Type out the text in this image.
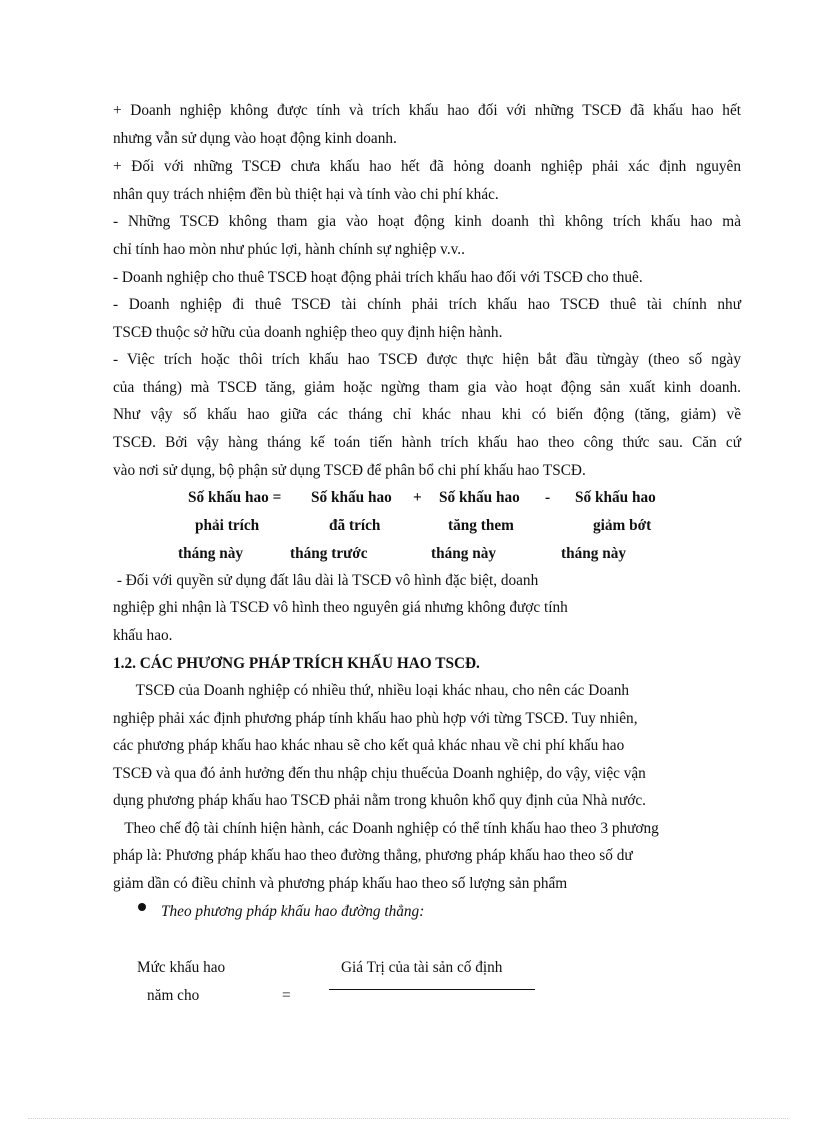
+ Doanh nghiệp không được tính và trích khấu hao đối với những TSCĐ đã khấu hao hết
nhưng vẫn sử dụng vào hoạt động kinh doanh.
+ Đối với những TSCĐ chưa khấu hao hết đã hỏng doanh nghiệp phải xác định nguyên
nhân quy trách nhiệm đền bù thiệt hại và tính vào chi phí khác.
- Những TSCĐ không tham gia vào hoạt động kinh doanh thì không trích khấu hao mà
chỉ tính hao mòn như phúc lợi, hành chính sự nghiệp v.v..
- Doanh nghiệp cho thuê TSCĐ hoạt động phải trích khấu hao đối với TSCĐ cho thuê.
- Doanh nghiệp đi thuê TSCĐ tài chính phải trích khấu hao TSCĐ thuê tài chính như
TSCĐ thuộc sở hữu của doanh nghiệp theo quy định hiện hành.
- Việc trích hoặc thôi trích khấu hao TSCĐ được thực hiện bắt đầu từngày (theo số ngày
của tháng) mà TSCĐ tăng, giảm hoặc ngừng tham gia vào hoạt động sản xuất kinh doanh.
Như vậy số khấu hao giữa các tháng chỉ khác nhau khi có biến động (tăng, giảm) về
TSCĐ. Bởi vậy hàng tháng kế toán tiến hành trích khấu hao theo công thức sau. Căn cứ
vào nơi sử dụng, bộ phận sử dụng TSCĐ để phân bổ chi phí khấu hao TSCĐ.
Số khấu hao = Số khấu hao + Số khấu hao - Số khấu hao
phải trích	đã trích	tăng them	giảm bớt
tháng này	tháng trước	tháng này	tháng này
- Đối với quyền sử dụng đất lâu dài là TSCĐ vô hình đặc biệt, doanh
nghiệp ghi nhận là TSCĐ vô hình theo nguyên giá nhưng không được tính
khấu hao.
1.2. CÁC PHƯƠNG PHÁP TRÍCH KHẤU HAO TSCĐ.
TSCĐ của Doanh nghiệp có nhiều thứ, nhiều loại khác nhau, cho nên các Doanh
nghiệp phải xác định phương pháp tính khấu hao phù hợp với từng TSCĐ. Tuy nhiên,
các phương pháp khấu hao khác nhau sẽ cho kết quả khác nhau về chi phí khấu hao
TSCĐ và qua đó ảnh hưởng đến thu nhập chịu thuếcủa Doanh nghiệp, do vậy, việc vận
dụng phương pháp khấu hao TSCĐ phải nằm trong khuôn khổ quy định của Nhà nước.
Theo chế độ tài chính hiện hành, các Doanh nghiệp có thể tính khấu hao theo 3 phương
pháp là: Phương pháp khấu hao theo đường thẳng, phương pháp khấu hao theo số dư
giảm dần có điều chỉnh và phương pháp khấu hao theo số lượng sản phẩm
Theo phương pháp khấu hao đường thẳng:
Mức khấu hao
năm cho	=
Giá Trị của tài sản cố định
